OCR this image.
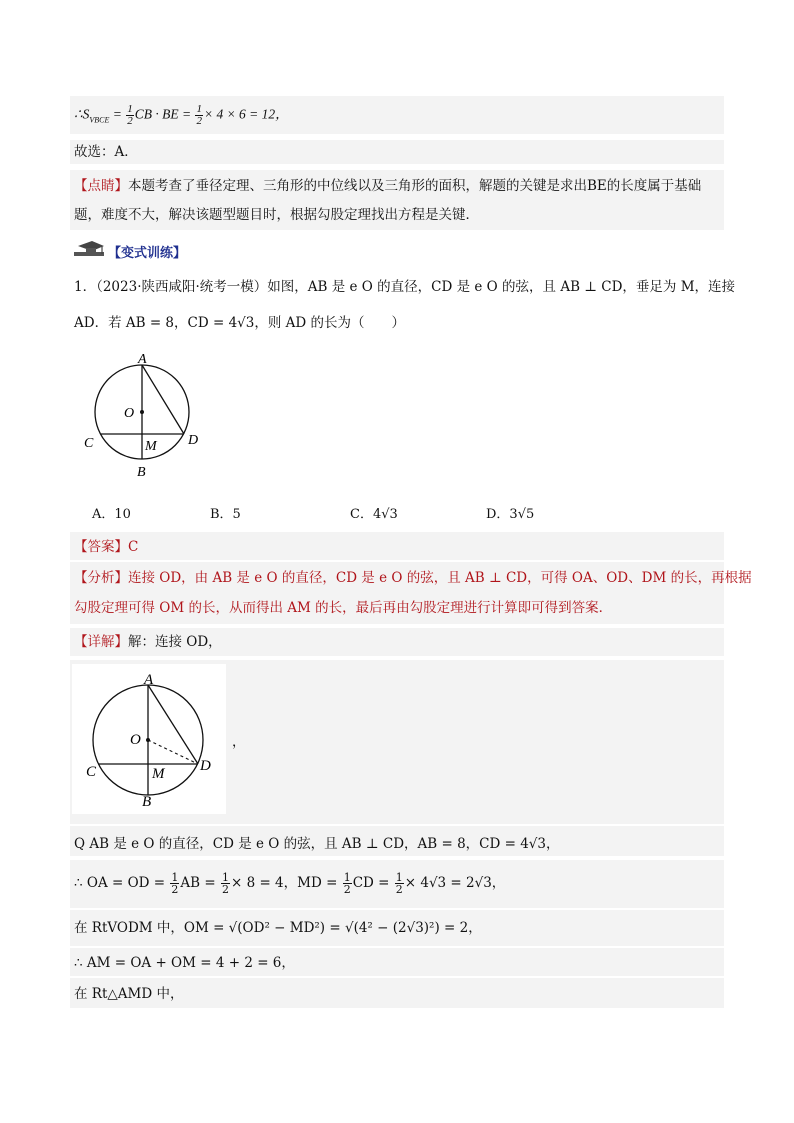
$\therefore S_{VBCE} = \frac{1}{2}$ CB · BE = $\frac{1}{2} \times 4 \times 6 = 12$，
故选：A．
【点睛】本题考查了垂径定理、三角形的中位线以及三角形的面积，解题的关键是求出BE的长度属于基础
题，难度不大，解决该题型题目时，根据勾股定理找出方程是关键．
【变式训练】
1．（2023·陕西咸阳·统考一模）如图，AB 是 e O 的直径，CD 是 e O 的弦，且 AB ⊥ CD，垂足为 M，连接
AD．若 AB = 8，CD = 4√3，则 AD 的长为（　　）
A
O
C	M D
B
A．10	B．5	C．4√3	D．3√5
【答案】C
【分析】连接 OD，由 AB 是 e O 的直径，CD 是 e O 的弦，且 AB ⊥ CD，可得 OA、OD、DM 的长，再根据
勾股定理可得 OM 的长，从而得出 AM 的长，最后再由勾股定理进行计算即可得到答案．
【详解】解：连接 OD，
A
O
C	M D
B
，
Q AB 是 e O 的直径，CD 是 e O 的弦，且 AB ⊥ CD，AB = 8，CD = 4√3，
∴ OA = OD = $\frac{1}{2}$ AB = $\frac{1}{2} \times 8 = 4$，MD = $\frac{1}{2}$ CD = $\frac{1}{2} \times 4√3 = 2√3$，
在 RtVODM 中，OM = √(OD² − MD²) = √(4² − (2√3)²) = 2，
∴ AM = OA + OM = 4 + 2 = 6，
在 Rt△AMD 中，
